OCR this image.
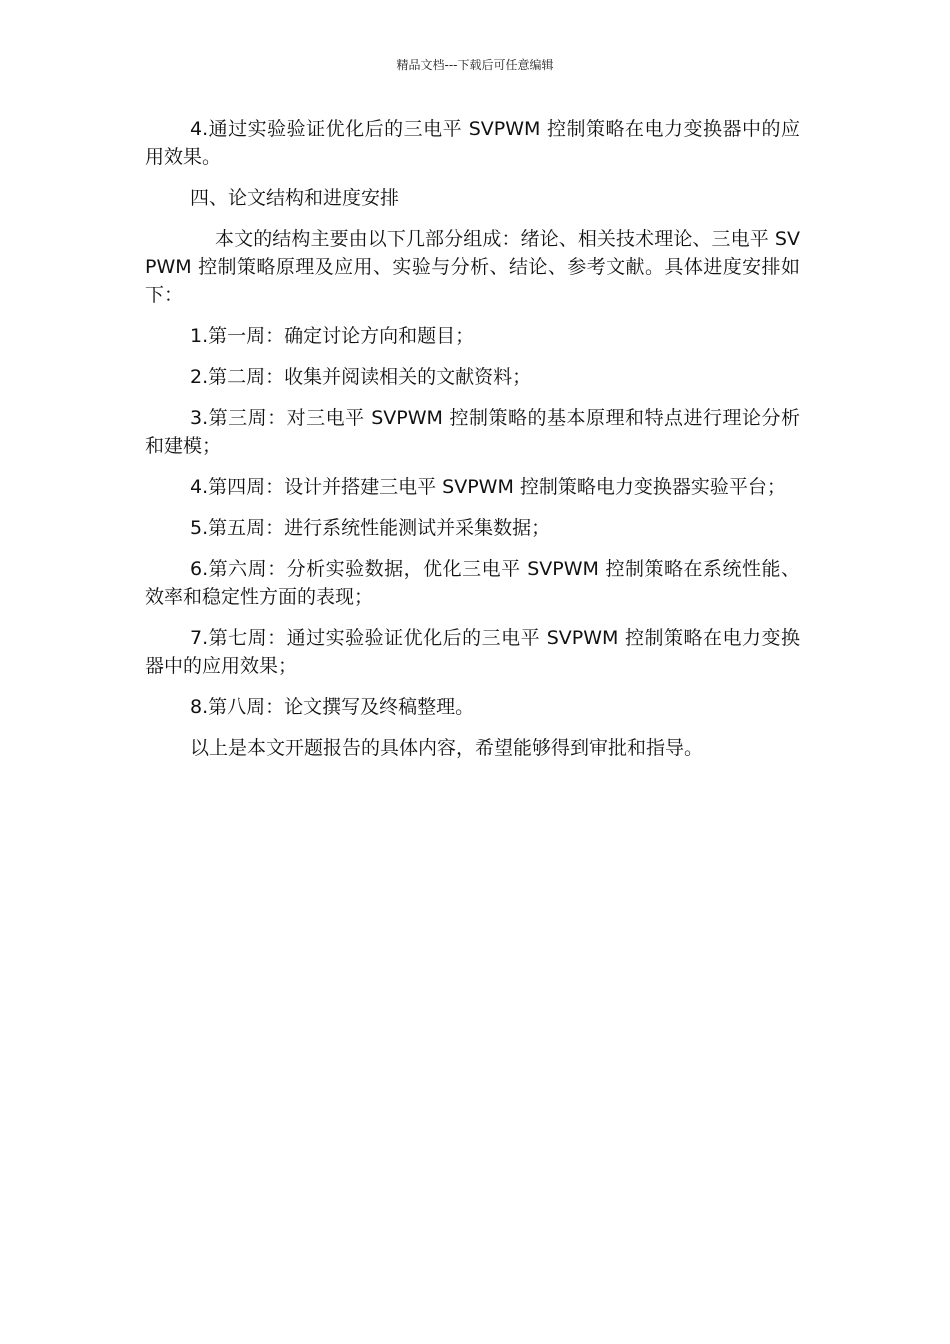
精品文档---下载后可任意编辑

4.通过实验验证优化后的三电平 SVPWM 控制策略在电力变换器中的应用效果。

四、论文结构和进度安排

本文的结构主要由以下几部分组成：绪论、相关技术理论、三电平 SVPWM 控制策略原理及应用、实验与分析、结论、参考文献。具体进度安排如下：

1.第一周：确定讨论方向和题目；

2.第二周：收集并阅读相关的文献资料；

3.第三周：对三电平 SVPWM 控制策略的基本原理和特点进行理论分析和建模；

4.第四周：设计并搭建三电平 SVPWM 控制策略电力变换器实验平台；

5.第五周：进行系统性能测试并采集数据；

6.第六周：分析实验数据，优化三电平 SVPWM 控制策略在系统性能、效率和稳定性方面的表现；

7.第七周：通过实验验证优化后的三电平 SVPWM 控制策略在电力变换器中的应用效果；

8.第八周：论文撰写及终稿整理。

以上是本文开题报告的具体内容，希望能够得到审批和指导。
